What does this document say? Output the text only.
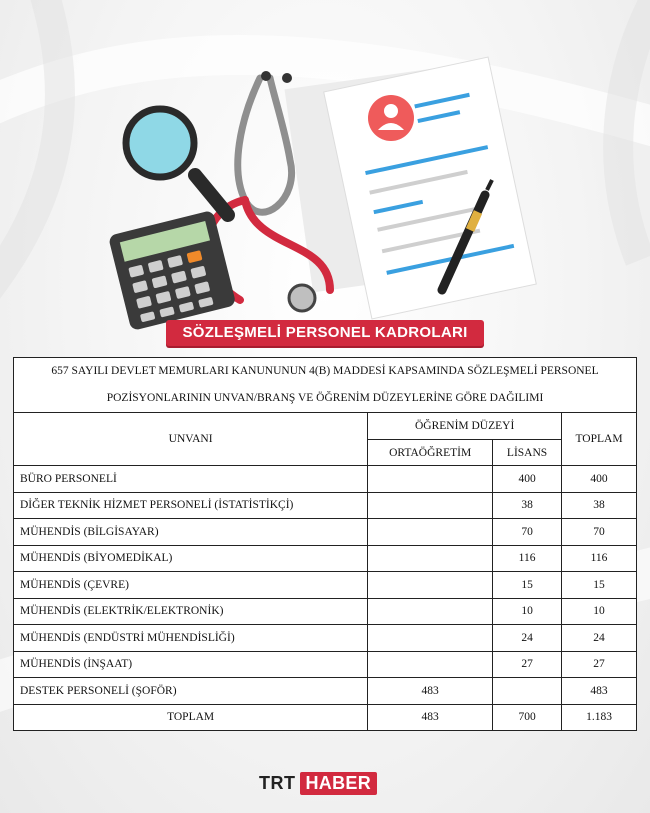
SÖZLEŞMELİ PERSONEL KADROLARI
657 SAYILI DEVLET MEMURLARI KANUNUNUN 4(B) MADDESİ KAPSAMINDA SÖZLEŞMELİ PERSONEL
POZİSYONLARININ UNVAN/BRANŞ VE ÖĞRENİM DÜZEYLERİNE GÖRE DAĞILIMI			

UNVANI	ÖĞRENİM DÜZEYİ		TOPLAM
	ORTAÖĞRETİM	LİSANS	
BÜRO PERSONELİ		400	400
DİĞER TEKNİK HİZMET PERSONELİ (İSTATİSTİKÇİ)		38	38
MÜHENDİS (BİLGİSAYAR)		70	70
MÜHENDİS (BİYOMEDİKAL)		116	116
MÜHENDİS (ÇEVRE)		15	15
MÜHENDİS (ELEKTRİK/ELEKTRONİK)		10	10
MÜHENDİS (ENDÜSTRİ MÜHENDİSLİĞİ)		24	24
MÜHENDİS (İNŞAAT)		27	27
DESTEK PERSONELİ (ŞOFÖR)	483		483
TOPLAM	483	700	1.183
TRT HABER
